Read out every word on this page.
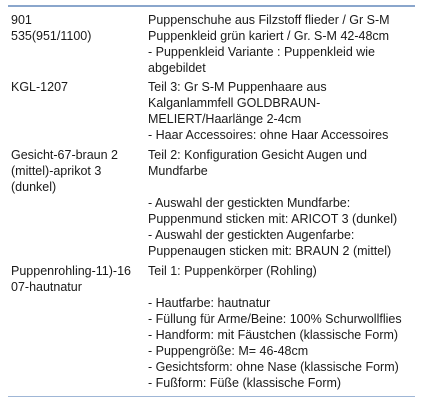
901
535(951/1100)
Puppenschuhe aus Filzstoff flieder / Gr S-M
Puppenkleid grün kariert / Gr. S-M 42-48cm
- Puppenkleid Variante : Puppenkleid wie
abgebildet
KGL-1207	Teil 3: Gr S-M Puppenhaare aus
Kalganlammfell GOLDBRAUN-
MELIERT/Haarlänge 2-4cm
- Haar Accessoires: ohne Haar Accessoires
Gesicht-67-braun 2
(mittel)-aprikot 3
(dunkel)
Teil 2: Konfiguration Gesicht Augen und
Mundfarbe
- Auswahl der gestickten Mundfarbe:
Puppenmund sticken mit: ARICOT 3 (dunkel)
- Auswahl der gestickten Augenfarbe:
Puppenaugen sticken mit: BRAUN 2 (mittel)
Puppenrohling-11)-16
07-hautnatur
Teil 1: Puppenkörper (Rohling)
- Hautfarbe: hautnatur
- Füllung für Arme/Beine: 100% Schurwollflies
- Handform: mit Fäustchen (klassische Form)
- Puppengröße: M= 46-48cm
- Gesichtsform: ohne Nase (klassische Form)
- Fußform: Füße (klassische Form)
